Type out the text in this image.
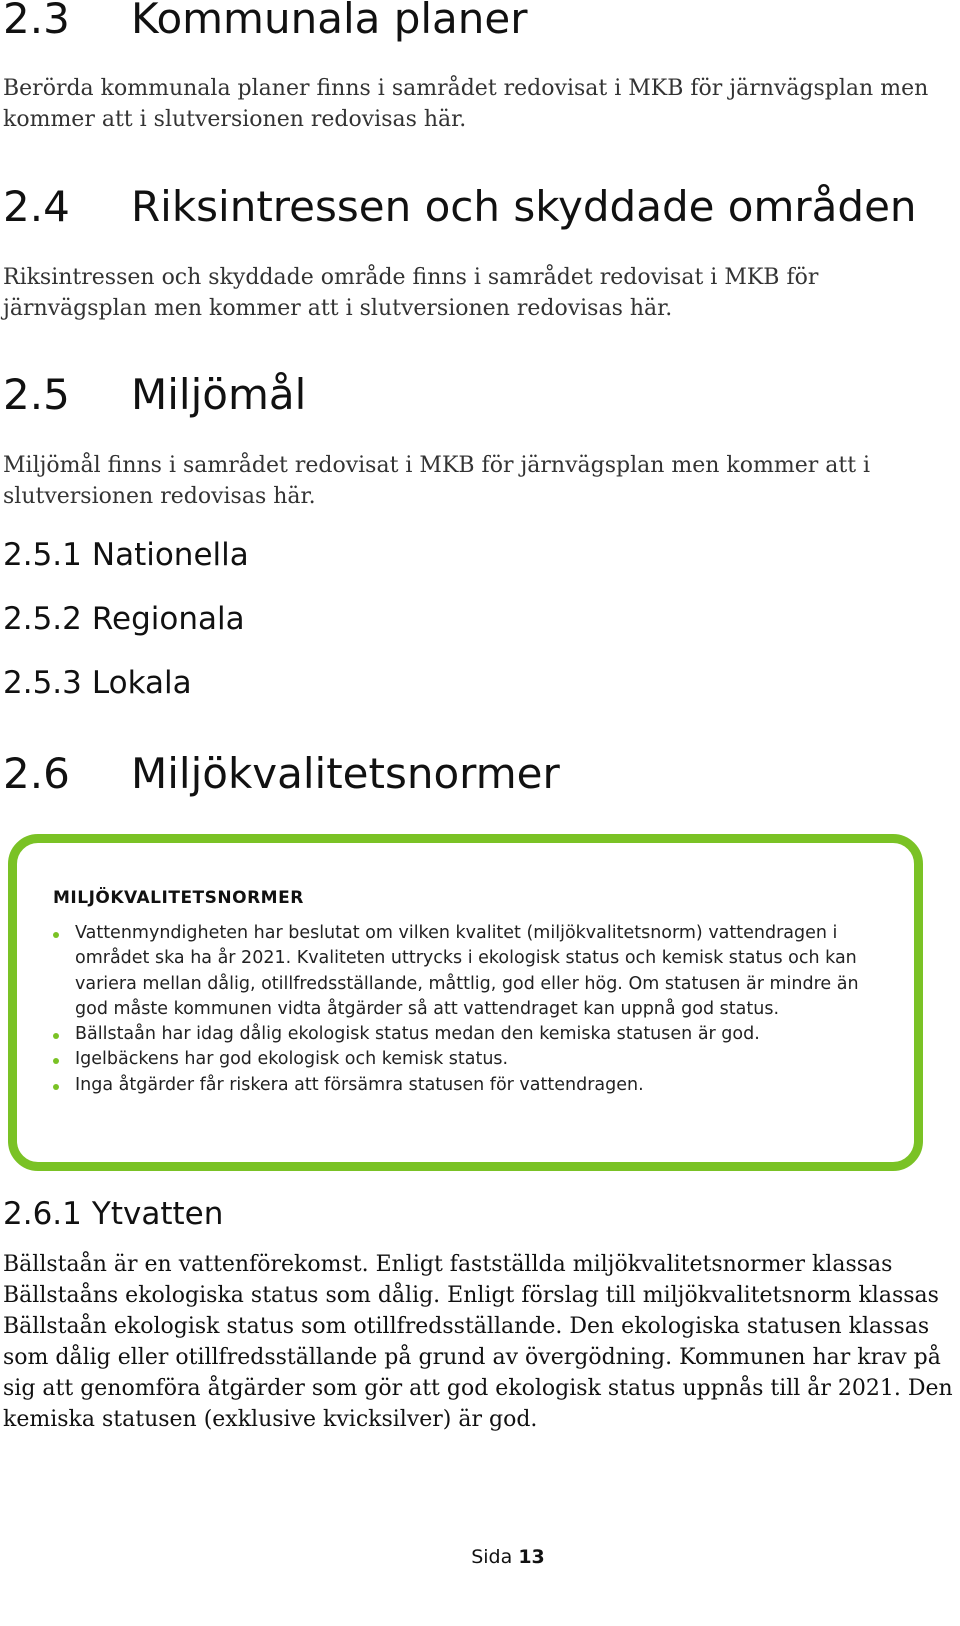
2.3 Kommunala planer

Berörda kommunala planer finns i samrådet redovisat i MKB för järnvägsplan men kommer att i slutversionen redovisas här.

2.4 Riksintressen och skyddade områden

Riksintressen och skyddade område finns i samrådet redovisat i MKB för järnvägsplan men kommer att i slutversionen redovisas här.

2.5 Miljömål

Miljömål finns i samrådet redovisat i MKB för järnvägsplan men kommer att i slutversionen redovisas här.

2.5.1 Nationella
2.5.2 Regionala
2.5.3 Lokala
2.6 Miljökvalitetsnormer

MILJÖKVALITETSNORMER

Vattenmyndigheten har beslutat om vilken kvalitet (miljökvalitetsnorm) vattendragen i området ska ha år 2021. Kvaliteten uttrycks i ekologisk status och kemisk status och kan variera mellan dålig, otillfredsställande, måttlig, god eller hög. Om statusen är mindre än god måste kommunen vidta åtgärder så att vattendraget kan uppnå god status.
Bällstaån har idag dålig ekologisk status medan den kemiska statusen är god.
Igelbäckens har god ekologisk och kemisk status.
Inga åtgärder får riskera att försämra statusen för vattendragen.
2.6.1 Ytvatten

Bällstaån är en vattenförekomst. Enligt fastställda miljökvalitetsnormer klassas Bällstaåns ekologiska status som dålig. Enligt förslag till miljökvalitetsnorm klassas Bällstaån ekologisk status som otillfredsställande. Den ekologiska statusen klassas som dålig eller otillfredsställande på grund av övergödning. Kommunen har krav på sig att genomföra åtgärder som gör att god ekologisk status uppnås till år 2021. Den kemiska statusen (exklusive kvicksilver) är god.

Sida 13
